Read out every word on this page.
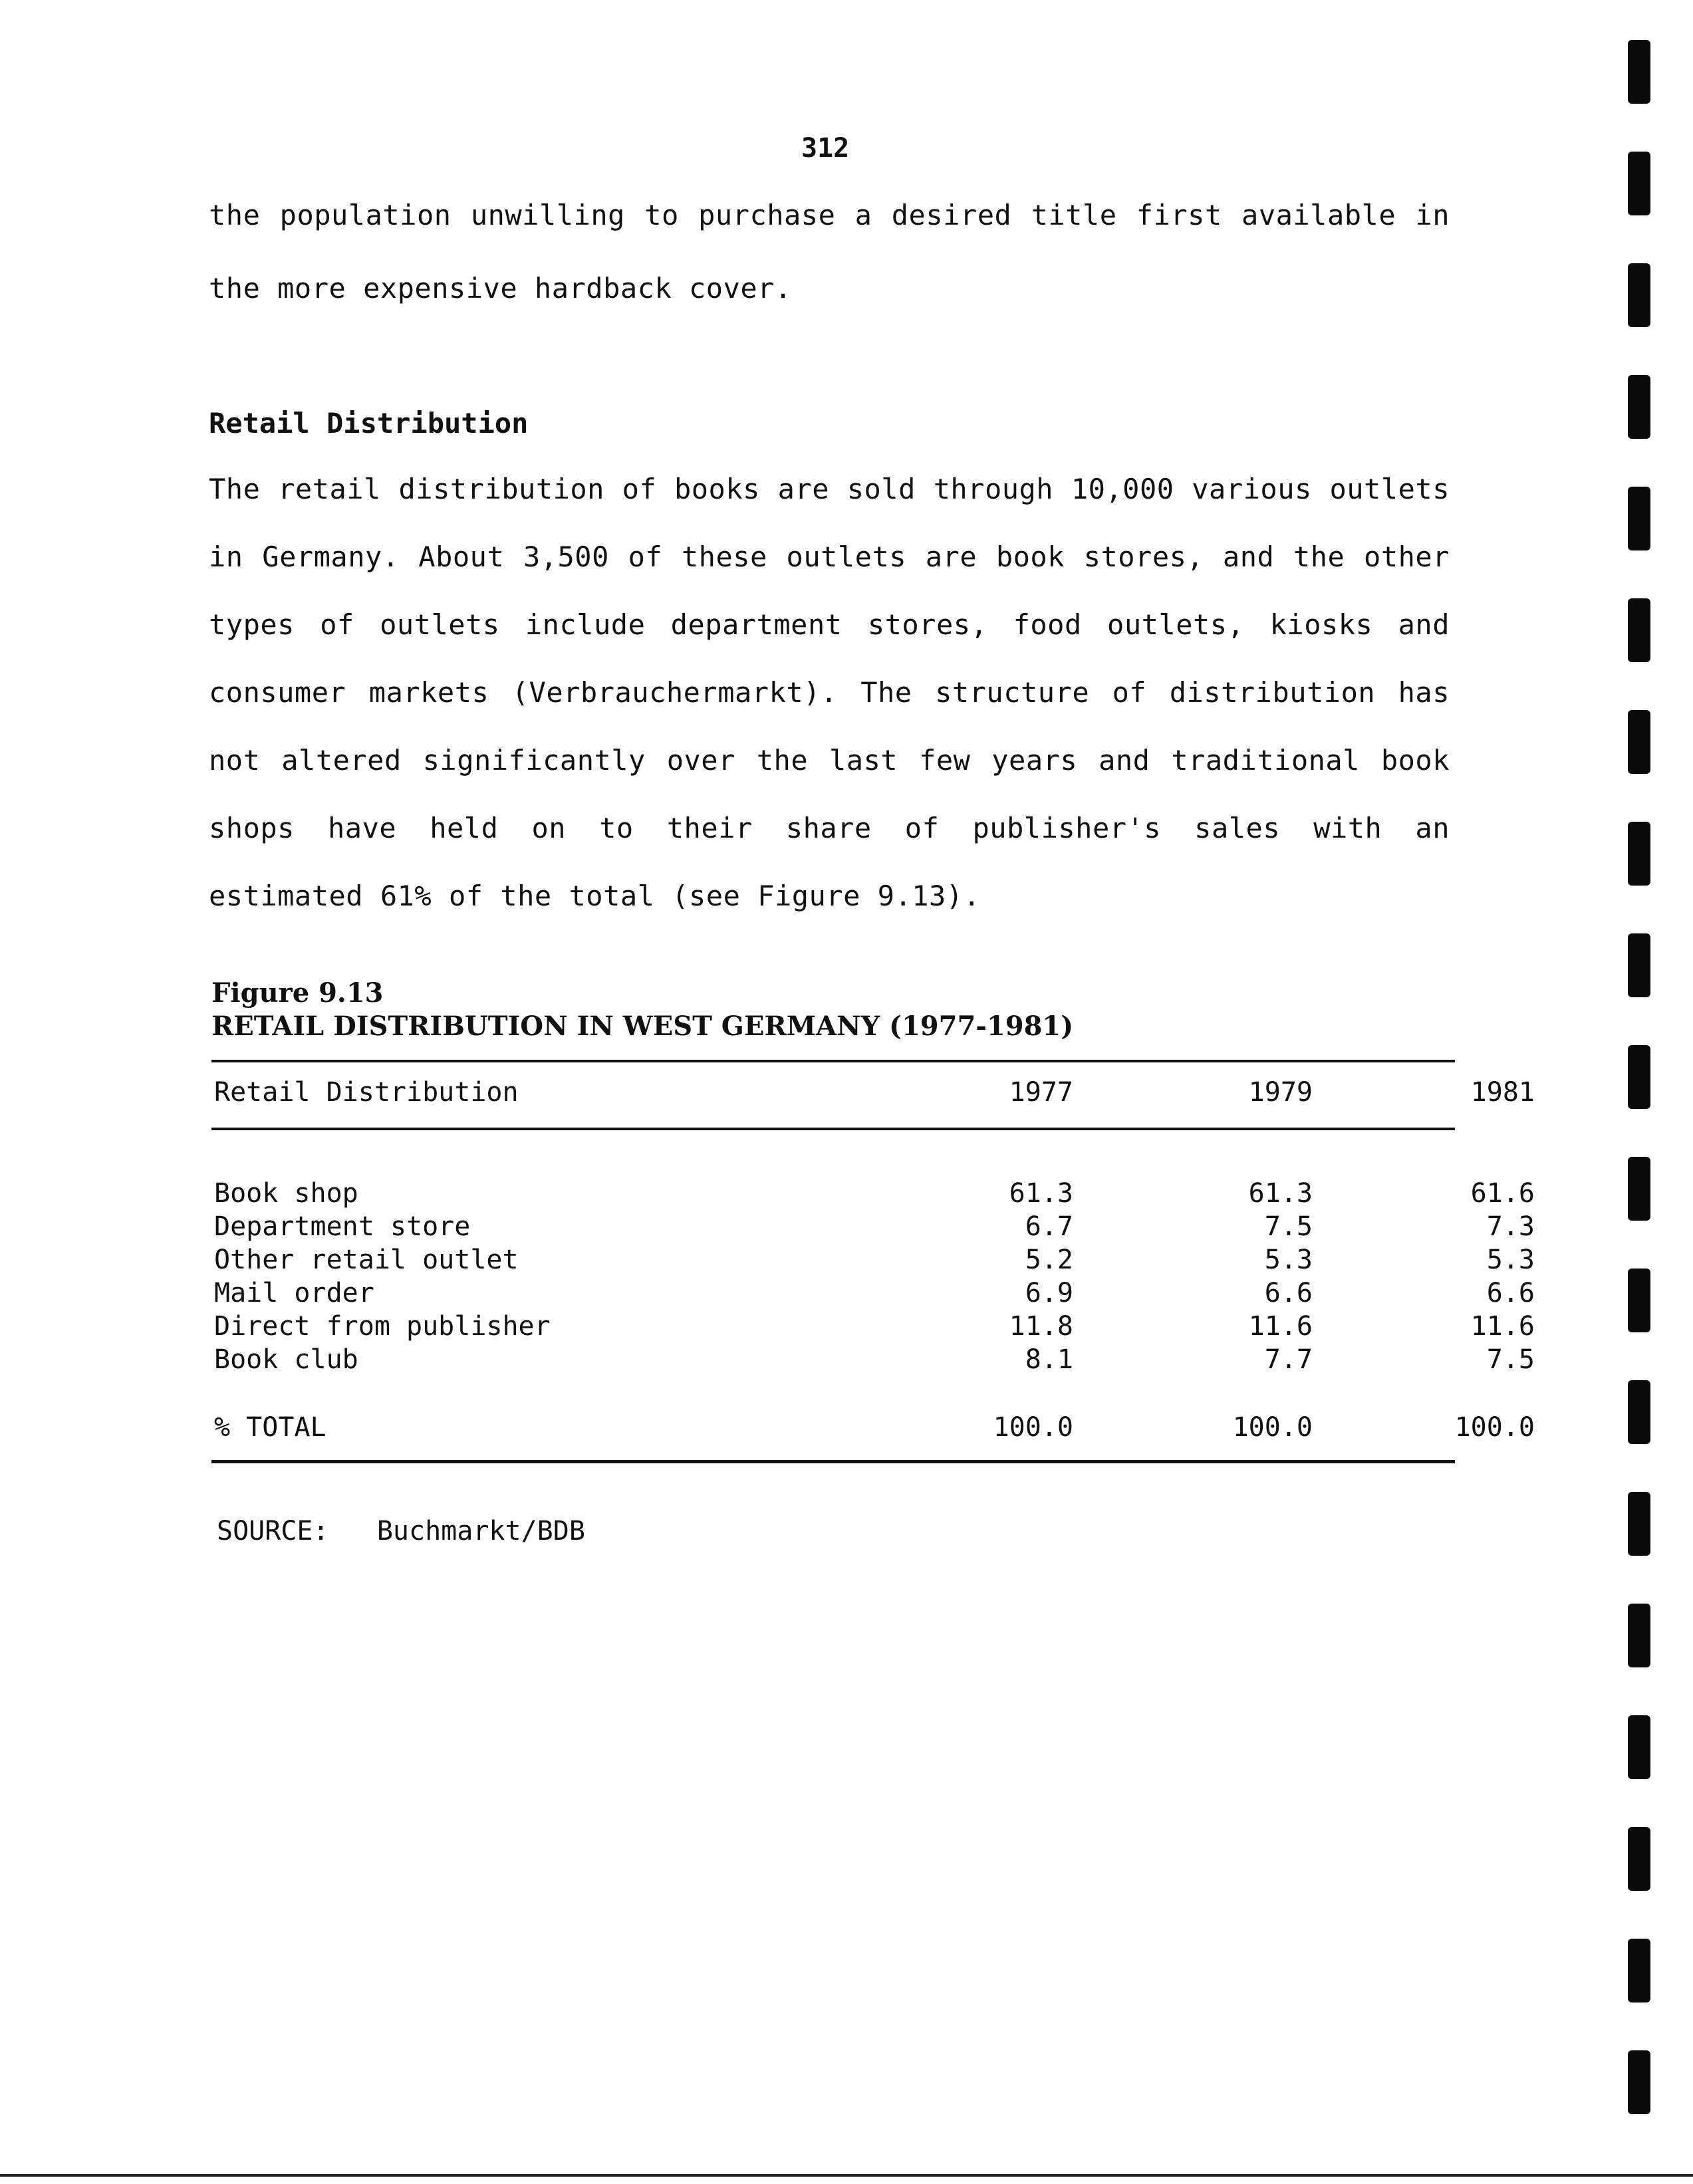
312
the population unwilling to purchase a desired title first available in
the more expensive hardback cover.
Retail Distribution
The retail distribution of books are sold through 10,000 various outlets
in Germany. About 3,500 of these outlets are book stores, and the other
types of outlets include department stores, food outlets, kiosks and
consumer markets (Verbrauchermarkt). The structure of distribution has
not altered significantly over the last few years and traditional book
shops have held on to their share of publisher's sales with an
estimated 61% of the total (see Figure 9.13).
Figure 9.13
RETAIL DISTRIBUTION IN WEST GERMANY (1977-1981)
Retail Distribution	1977	1979	1981
Book shop	61.3	61.3	61.6
Department store	6.7	7.5	7.3
Other retail outlet	5.2	5.3	5.3
Mail order	6.9	6.6	6.6
Direct from publisher	11.8	11.6	11.6
Book club	8.1	7.7	7.5
% TOTAL	100.0	100.0	100.0
SOURCE: Buchmarkt/BDB
